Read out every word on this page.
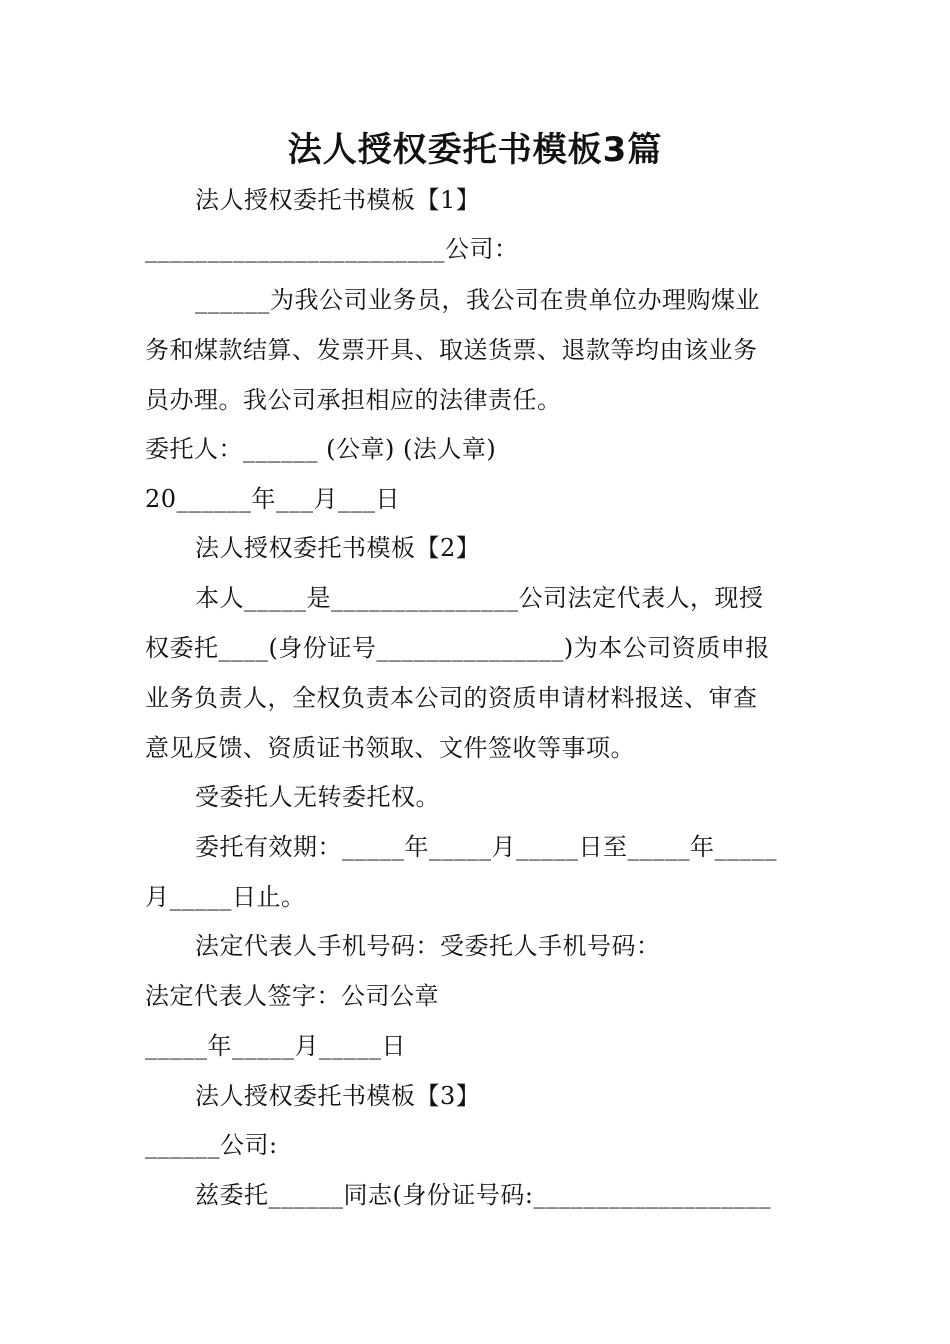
法人授权委托书模板3篇
法人授权委托书模板【1】
________________________公司：
______为我公司业务员，我公司在贵单位办理购煤业
务和煤款结算、发票开具、取送货票、退款等均由该业务
员办理。我公司承担相应的法律责任。
委托人：______ (公章) (法人章)
20______年___月___日
法人授权委托书模板【2】
本人_____是_______________公司法定代表人，现授
权委托____(身份证号_______________)为本公司资质申报
业务负责人，全权负责本公司的资质申请材料报送、审查
意见反馈、资质证书领取、文件签收等事项。
受委托人无转委托权。
委托有效期：_____年_____月_____日至_____年_____
月_____日止。
法定代表人手机号码：受委托人手机号码：
法定代表人签字：公司公章
_____年_____月_____日
法人授权委托书模板【3】
______公司:
兹委托______同志(身份证号码:___________________
